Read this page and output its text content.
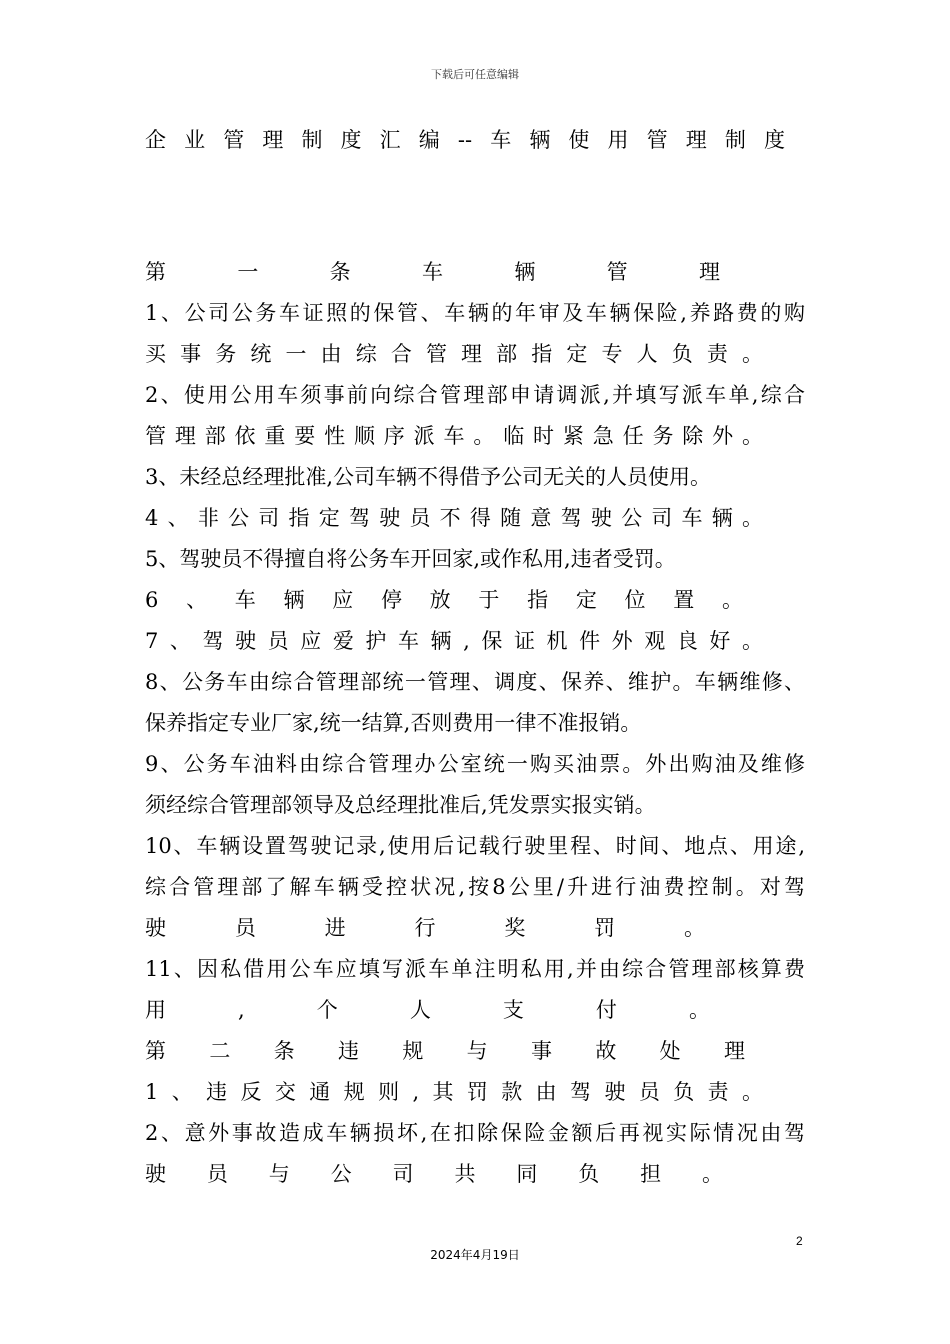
下载后可任意编辑
企业管理制度汇编--车辆使用管理制度
第一条车辆管理
1、公司公务车证照的保管、车辆的年审及车辆保险,养路费的购
买事务统一由综合管理部指定专人负责。
2、使用公用车须事前向综合管理部申请调派,并填写派车单,综合
管理部依重要性顺序派车。临时紧急任务除外。
3、未经总经理批准,公司车辆不得借予公司无关的人员使用。
4、非公司指定驾驶员不得随意驾驶公司车辆。
5、驾驶员不得擅自将公务车开回家,或作私用,违者受罚。
6、车辆应停放于指定位置。
7、驾驶员应爱护车辆,保证机件外观良好。
8、公务车由综合管理部统一管理、调度、保养、维护。车辆维修、
保养指定专业厂家,统一结算,否则费用一律不准报销。
9、公务车油料由综合管理办公室统一购买油票。外出购油及维修
须经综合管理部领导及总经理批准后,凭发票实报实销。
10、车辆设置驾驶记录,使用后记载行驶里程、时间、地点、用途,
综合管理部了解车辆受控状况,按8公里/升进行油费控制。对驾
驶员进行奖罚。
11、因私借用公车应填写派车单注明私用,并由综合管理部核算费
用,个人支付。
第二条违规与事故处理
1、违反交通规则,其罚款由驾驶员负责。
2、意外事故造成车辆损坏,在扣除保险金额后再视实际情况由驾
驶员与公司共同负担。
2
2024年4月19日
